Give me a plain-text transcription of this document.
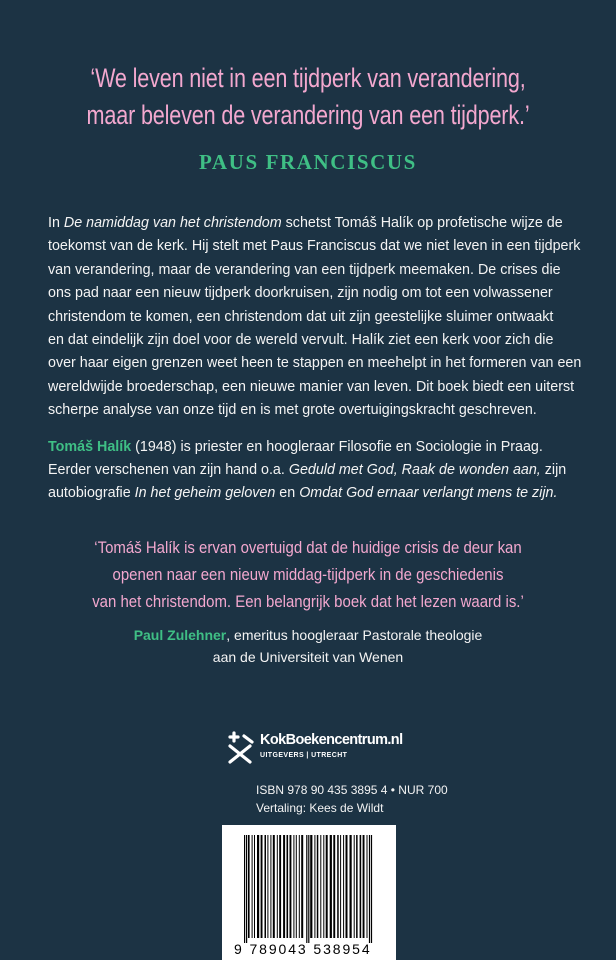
‘We leven niet in een tijdperk van verandering,
maar beleven de verandering van een tijdperk.’
PAUS FRANCISCUS

In De namiddag van het christendom schetst Tomáš Halík op profetische wijze de
toekomst van de kerk. Hij stelt met Paus Franciscus dat we niet leven in een tijdperk
van verandering, maar de verandering van een tijdperk meemaken. De crises die
ons pad naar een nieuw tijdperk doorkruisen, zijn nodig om tot een volwassener
christendom te komen, een christendom dat uit zijn geestelijke sluimer ontwaakt
en dat eindelijk zijn doel voor de wereld vervult. Halík ziet een kerk voor zich die
over haar eigen grenzen weet heen te stappen en meehelpt in het formeren van een
wereldwijde broederschap, een nieuwe manier van leven. Dit boek biedt een uiterst
scherpe analyse van onze tijd en is met grote overtuigingskracht geschreven.

Tomáš Halík (1948) is priester en hoogleraar Filosofie en Sociologie in Praag.
Eerder verschenen van zijn hand o.a. Geduld met God, Raak de wonden aan, zijn
autobiografie In het geheim geloven en Omdat God ernaar verlangt mens te zijn.

‘Tomáš Halík is ervan overtuigd dat de huidige crisis de deur kan
openen naar een nieuw middag-tijdperk in de geschiedenis
van het christendom. Een belangrijk boek dat het lezen waard is.’
Paul Zulehner, emeritus hoogleraar Pastorale theologie
aan de Universiteit van Wenen
KokBoekencentrum.nl
UITGEVERS | UTRECHT
ISBN 978 90 435 3895 4 • NUR 700
Vertaling: Kees de Wildt
9 789043 538954
